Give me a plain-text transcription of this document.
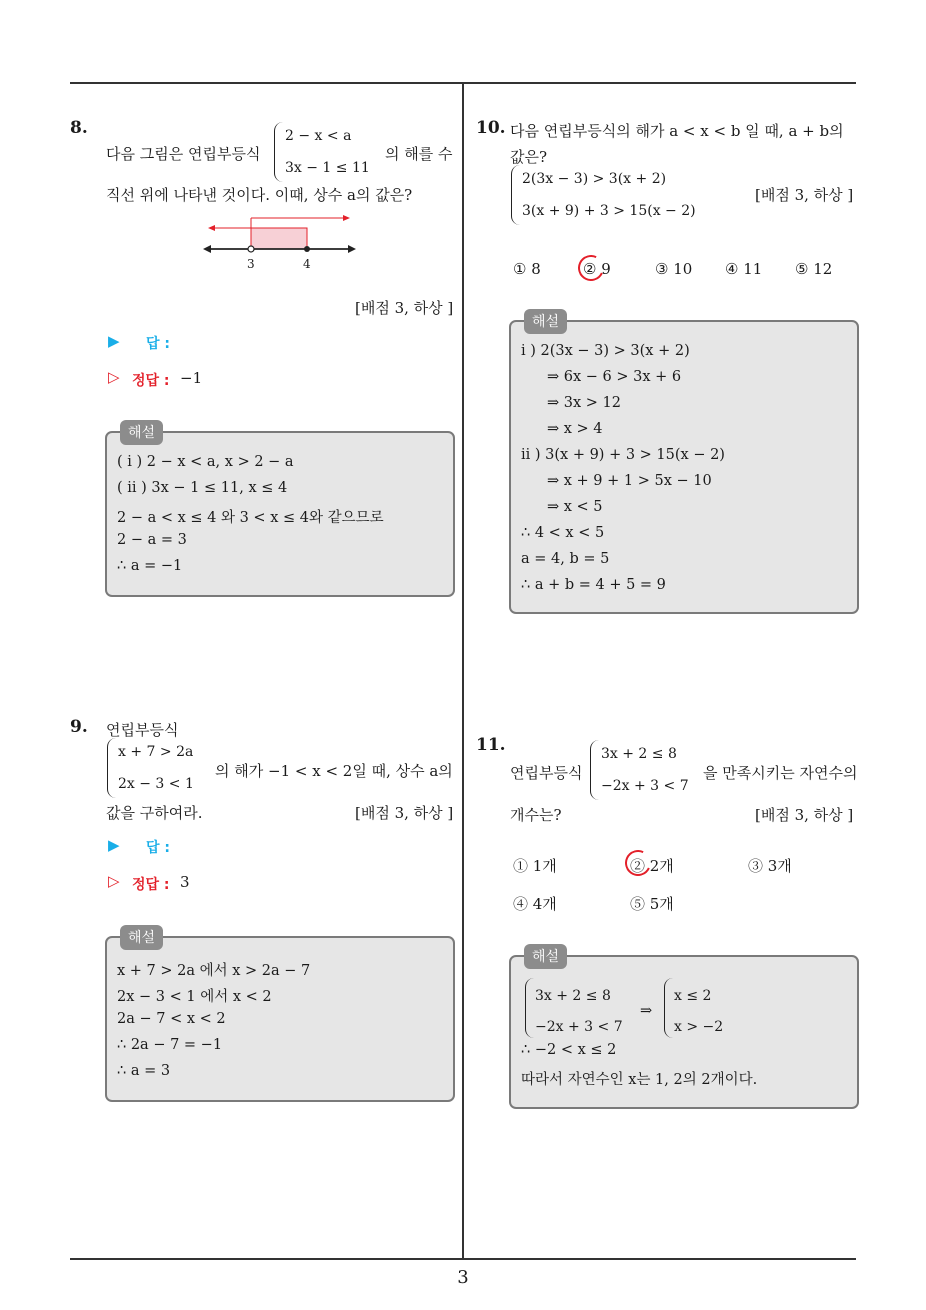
8.
다음 그림은 연립부등식
2 − x < a
3x − 1 ≤ 11
의 해를 수
직선 위에 나타낸 것이다. 이때, 상수 a의 값은?
3	4
[배점 3, 하상 ]
▶ 답 :
▷ 정답 : −1
해설
( i ) 2 − x < a, x > 2 − a
( ii ) 3x − 1 ≤ 11, x ≤ 4
2 − a < x ≤ 4 와 3 < x ≤ 4와 같으므로
2 − a = 3
∴ a = −1
9. 연립부등식
x + 7 > 2a
2x − 3 < 1
의 해가 −1 < x < 2일 때, 상수 a의
값을 구하여라.	[배점 3, 하상 ]
▶ 답 :
▷ 정답 : 3
해설
x + 7 > 2a 에서 x > 2a − 7
2x − 3 < 1 에서 x < 2
2a − 7 < x < 2
∴ 2a − 7 = −1
∴ a = 3
10. 다음 연립부등식의 해가 a < x < b 일 때, a + b의
값은?
2(3x − 3) > 3(x + 2)
3(x + 9) + 3 > 15(x − 2)
[배점 3, 하상 ]
① 8	② 9	③ 10 ④ 11 ⑤ 12
해설
i ) 2(3x − 3) > 3(x + 2)
⇒ 6x − 6 > 3x + 6
⇒ 3x > 12
⇒ x > 4
ii ) 3(x + 9) + 3 > 15(x − 2)
⇒ x + 9 + 1 > 5x − 10
⇒ x < 5
∴ 4 < x < 5
a = 4, b = 5
∴ a + b = 4 + 5 = 9
11.
연립부등식
3x + 2 ≤ 8
−2x + 3 < 7
을 만족시키는 자연수의
개수는?	[배점 3, 하상 ]
① 1개	② 2개	③ 3개
④ 4개	⑤ 5개
해설
3x + 2 ≤ 8
−2x + 3 < 7
⇒
x ≤ 2
x > −2
∴ −2 < x ≤ 2
따라서 자연수인 x는 1, 2의 2개이다.
3
